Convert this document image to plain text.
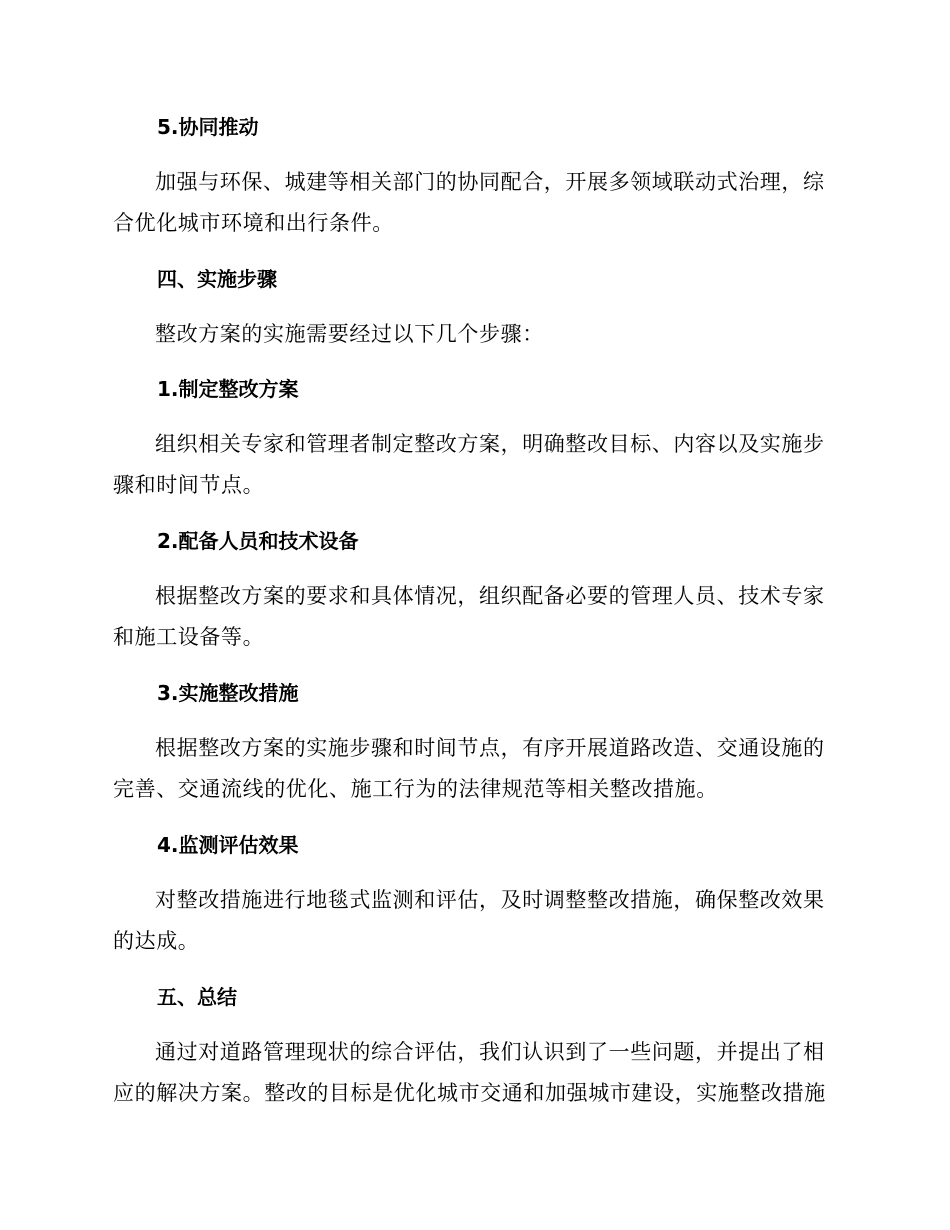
5.协同推动
加强与环保、城建等相关部门的协同配合，开展多领域联动式治理，综合优化城市环境和出行条件。
四、实施步骤
整改方案的实施需要经过以下几个步骤：
1.制定整改方案
组织相关专家和管理者制定整改方案，明确整改目标、内容以及实施步骤和时间节点。
2.配备人员和技术设备
根据整改方案的要求和具体情况，组织配备必要的管理人员、技术专家和施工设备等。
3.实施整改措施
根据整改方案的实施步骤和时间节点，有序开展道路改造、交通设施的完善、交通流线的优化、施工行为的法律规范等相关整改措施。
4.监测评估效果
对整改措施进行地毯式监测和评估，及时调整整改措施，确保整改效果的达成。
五、总结
通过对道路管理现状的综合评估，我们认识到了一些问题，并提出了相应的解决方案。整改的目标是优化城市交通和加强城市建设，实施整改措施
